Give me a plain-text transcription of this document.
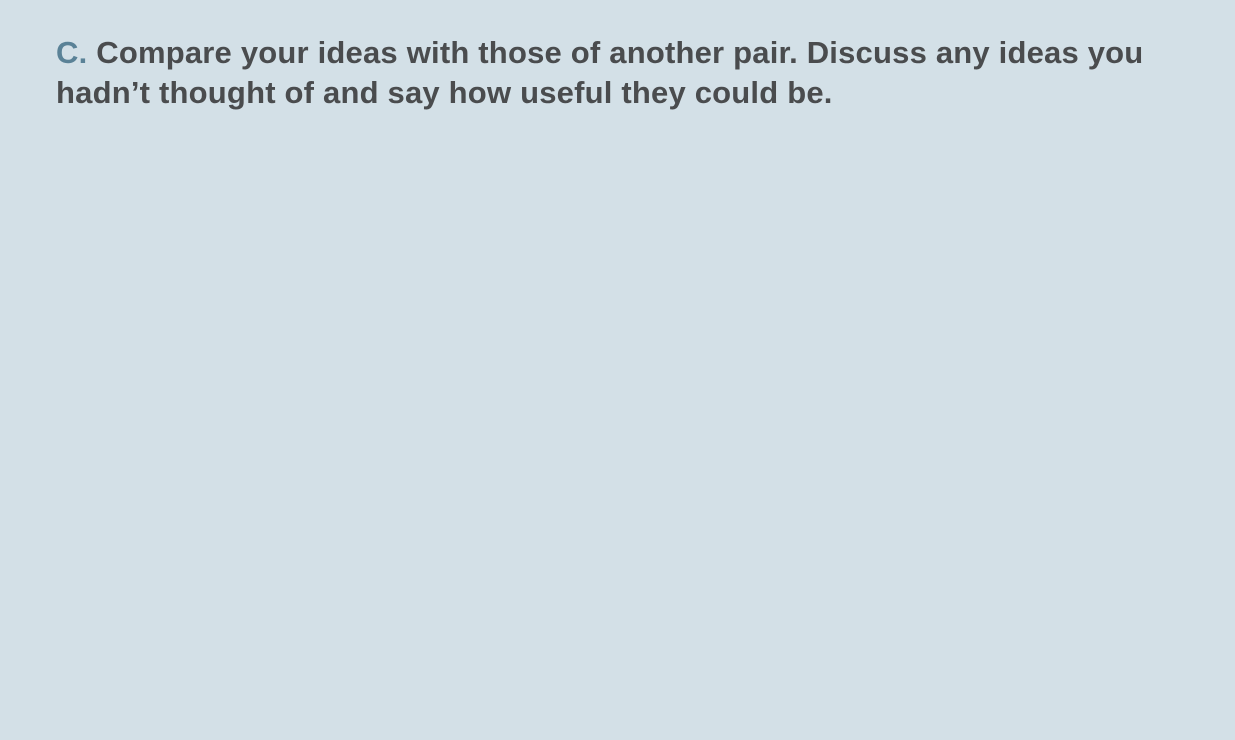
C. Compare your ideas with those of another pair. Discuss any ideas you hadn’t thought of and say how useful they could be.
